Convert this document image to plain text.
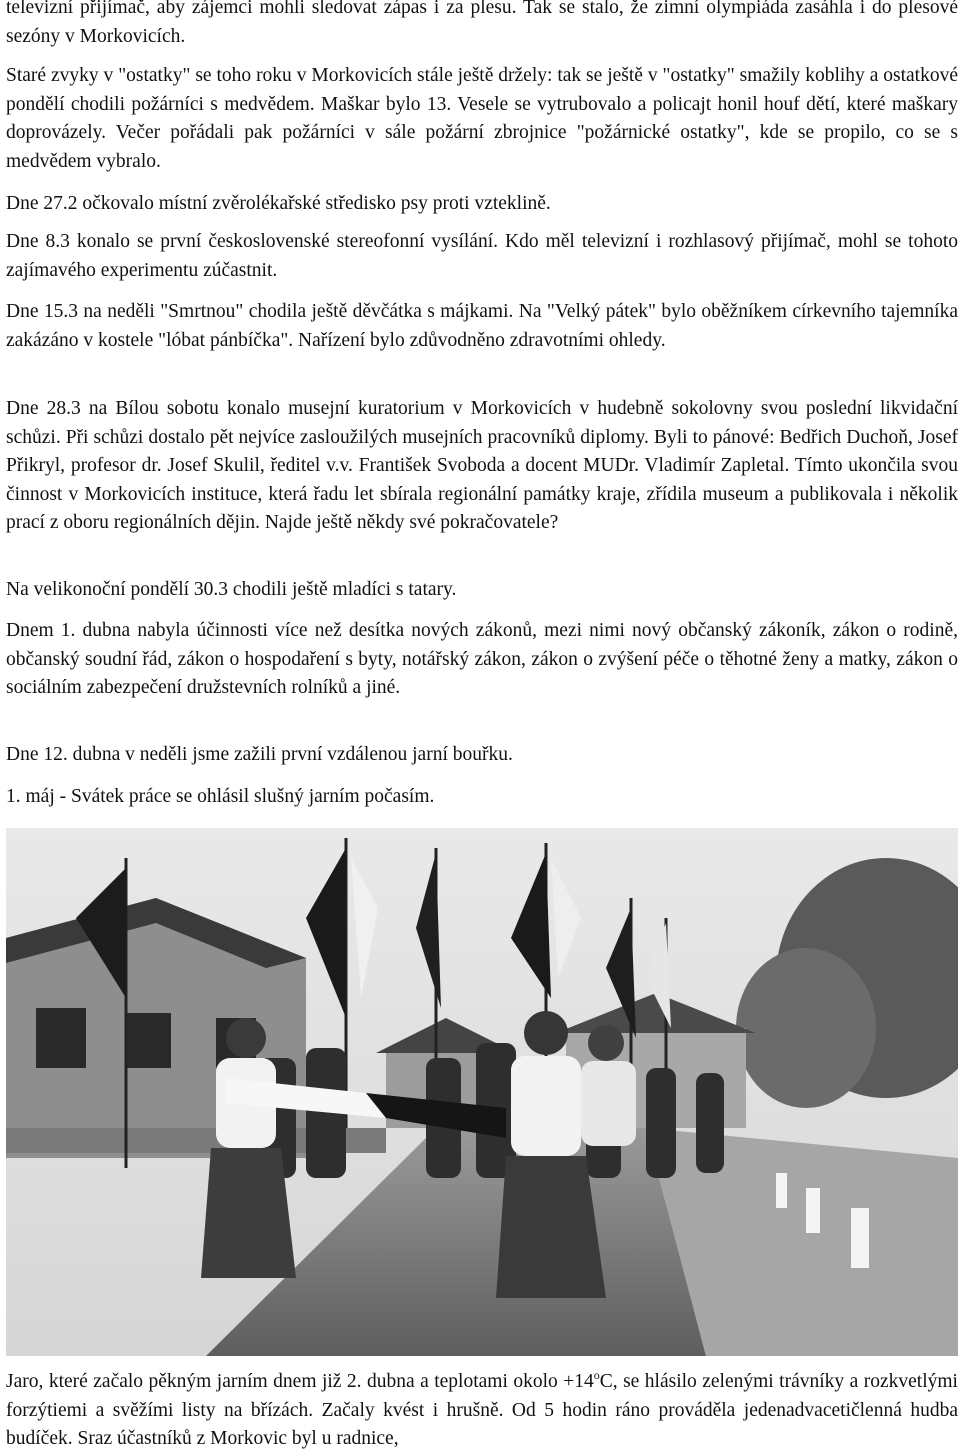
televizní přijímač, aby zájemci mohli sledovat zápas i za plesu. Tak se stalo, že zimní olympiáda zasáhla i do plesové sezóny v Morkovicích.

Staré zvyky v "ostatky" se toho roku v Morkovicích stále ještě držely: tak se ještě v "ostatky" smažily koblihy a ostatkové pondělí chodili požárníci s medvědem. Maškar bylo 13. Vesele se vytrubovalo a policajt honil houf dětí, které maškary doprovázely. Večer pořádali pak požárníci v sále požární zbrojnice "požárnické ostatky", kde se propilo, co se s medvědem vybralo.

Dne 27.2 očkovalo místní zvěrolékařské středisko psy proti vzteklině.

Dne 8.3 konalo se první československé stereofonní vysílání. Kdo měl televizní i rozhlasový přijímač, mohl se tohoto zajímavého experimentu zúčastnit.

Dne 15.3 na neděli "Smrtnou" chodila ještě děvčátka s májkami. Na "Velký pátek" bylo oběžníkem církevního tajemníka zakázáno v kostele "lóbat pánbíčka". Nařízení bylo zdůvodněno zdravotními ohledy.

Dne 28.3 na Bílou sobotu konalo musejní kuratorium v Morkovicích v hudebně sokolovny svou poslední likvidační schůzi. Při schůzi dostalo pět nejvíce zasloužilých musejních pracovníků diplomy. Byli to pánové: Bedřich Duchoň, Josef Přikryl, profesor dr. Josef Skulil, ředitel v.v. František Svoboda a docent MUDr. Vladimír Zapletal. Tímto ukončila svou činnost v Morkovicích instituce, která řadu let sbírala regionální památky kraje, zřídila museum a publikovala i několik prací z oboru regionálních dějin. Najde ještě někdy své pokračovatele?

Na velikonoční pondělí 30.3 chodili ještě mladíci s tatary.

Dnem 1. dubna nabyla účinnosti více než desítka nových zákonů, mezi nimi nový občanský zákoník, zákon o rodině, občanský soudní řád, zákon o hospodaření s byty, notářský zákon, zákon o zvýšení péče o těhotné ženy a matky, zákon o sociálním zabezpečení družstevních rolníků a jiné.

Dne 12. dubna v neděli jsme zažili první vzdálenou jarní bouřku.

1. máj - Svátek práce se ohlásil slušný jarním počasím.

Jaro, které začalo pěkným jarním dnem již 2. dubna a teplotami okolo $+14^oC$, se hlásilo zelenými trávníky a rozkvetlými forzýtiemi a svěžími listy na břízách. Začaly kvést i hrušně. Od 5 hodin ráno prováděla jedenadvacetičlenná hudba budíček. Sraz účastníků z Morkovic byl u radnice,
